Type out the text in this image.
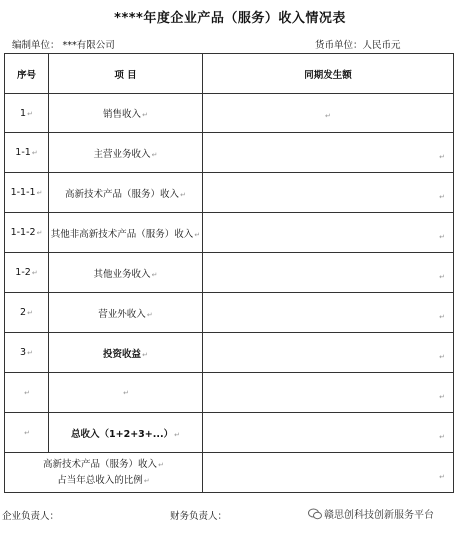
****年度企业产品（服务）收入情况表
编制单位： ***有限公司	货币单位：人民币元
序号	项 目	同期发生额
1↵	销售收入↵	↵

1-1↵	主营业务收入↵	↵

1-1-1↵	高新技术产品（服务）收入↵	↵

1-1-2↵	其他非高新技术产品（服务）收入↵	↵

1-2↵	其他业务收入↵	↵

2↵	营业外收入↵	↵

3↵	投资收益↵	↵

↵	↵	↵

↵	总收入（1+2+3+...）↵	↵

高新技术产品（服务）收入↵
占当年总收入的比例↵		↵
企业负责人：	财务负责人：	赣思创科技创新服务平台
